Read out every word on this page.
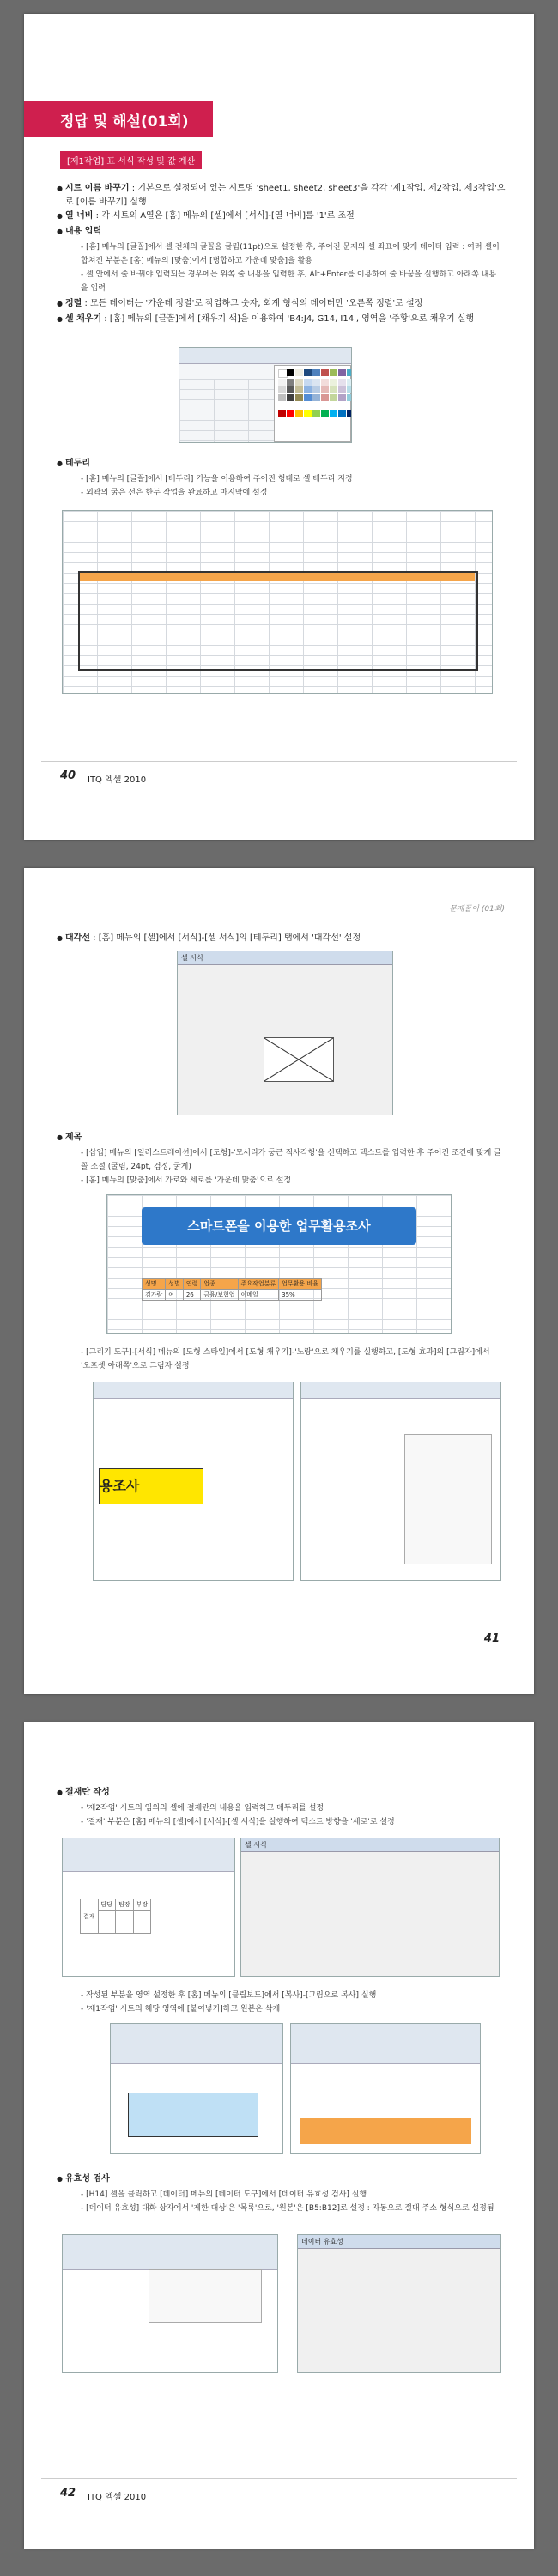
정답 및 해설(01회)
[제1작업] 표 서식 작성 및 값 계산
● 시트 이름 바꾸기 : 기본으로 설정되어 있는 시트명 'sheet1, sheet2, sheet3'을 각각 '제1작업, 제2작업, 제3작업'으로 [이름 바꾸기] 실행
● 열 너비 : 각 시트의 A열은 [홈] 메뉴의 [셀]에서 [서식]-[열 너비]를 '1'로 조절
● 내용 입력
- [홈] 메뉴의 [글꼴]에서 셀 전체의 글꼴을 굴림(11pt)으로 설정한 후, 주어진 문제의 셀 좌표에 맞게 데이터 입력 : 여러 셀이 합쳐진 부분은 [홈] 메뉴의 [맞춤]에서 [병합하고 가운데 맞춤]을 활용
- 셀 안에서 줄 바꿔야 입력되는 경우에는 위쪽 줄 내용을 입력한 후, Alt+Enter를 이용하여 줄 바꿈을 실행하고 아래쪽 내용을 입력
● 정렬 : 모든 데이터는 '가운데 정렬'로 작업하고 숫자, 회계 형식의 데이터만 '오른쪽 정렬'로 설정
● 셀 채우기 : [홈] 메뉴의 [글꼴]에서 [채우기 색]을 이용하여 'B4:J4, G14, I14', 영역을 '주황'으로 채우기 실행
● 테두리
- [홈] 메뉴의 [글꼴]에서 [테두리] 기능을 이용하여 주어진 형태로 셀 테두리 지정
- 외곽의 굵은 선은 한두 작업을 완료하고 마지막에 설정
40 ITQ 엑셀 2010
문제풀이 (01회)
● 대각선 : [홈] 메뉴의 [셀]에서 [서식]-[셀 서식]의 [테두리] 탭에서 '대각선' 설정
셀 서식
● 제목
- [삽입] 메뉴의 [일러스트레이션]에서 [도형]-'모서리가 둥근 직사각형'을 선택하고 텍스트를 입력한 후 주어진 조건에 맞게 글꼴 조절 (굴림, 24pt, 검정, 굵게)
- [홈] 메뉴의 [맞춤]에서 가로와 세로를 '가운데 맞춤'으로 설정
스마트폰을 이용한 업무활용조사
성명	성별	연령	업종	주요작업분류	업무활용 비율
김가람	여	26	금융/보험업	이메일	35%
- [그리기 도구]-[서식] 메뉴의 [도형 스타일]에서 [도형 채우기]-'노랑'으로 채우기를 실행하고, [도형 효과]의 [그림자]에서 '오프셋 아래쪽'으로 그림자 설정
용조사
41
● 결재란 작성
- '제2작업' 시트의 임의의 셀에 결재란의 내용을 입력하고 테두리를 설정
- '결재' 부분은 [홈] 메뉴의 [셀]에서 [서식]-[셀 서식]을 실행하여 텍스트 방향을 '세로'로 설정
결재	담당	팀장	부장

셀 서식
- 작성된 부분을 영역 설정한 후 [홈] 메뉴의 [클립보드]에서 [복사]-[그림으로 복사] 실행
- '제1작업' 시트의 해당 영역에 [붙여넣기]하고 원본은 삭제
● 유효성 검사
- [H14] 셀을 클릭하고 [데이터] 메뉴의 [데이터 도구]에서 [데이터 유효성 검사] 실행
- [데이터 유효성] 대화 상자에서 '제한 대상'은 '목록'으로, '원본'은 [B5:B12]로 설정 : 자동으로 절대 주소 형식으로 설정됨
데이터 유효성
42 ITQ 엑셀 2010
